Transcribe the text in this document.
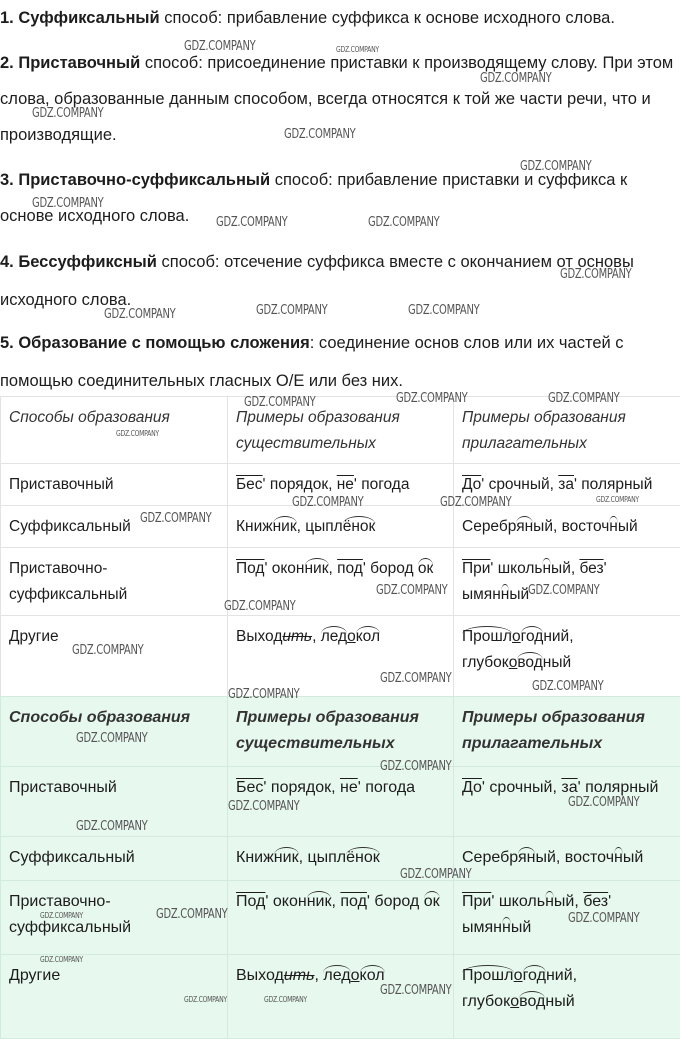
1. Суффиксальный способ: прибавление суффикса к основе исходного слова.

2. Приставочный способ: присоединение приставки к производящему слову. При этом слова, образованные данным способом, всегда относятся к той же части речи, что и производящие.

3. Приставочно-суффиксальный способ: прибавление приставки и суффикса к основе исходного слова.

4. Бессуффиксный способ: отсечение суффикса вместе с окончанием от основы исходного слова.

5. Образование с помощью сложения: соединение основ слов или их частей с помощью соединительных гласных О/Е или без них.

Способы образования	Примеры образования существительных	Примеры образования прилагательных
Приставочный	Бесʹ порядок, неʹ погода	Доʹ срочный, заʹ полярный
Суффиксальный	Книжник, цыплёнок	Серебряный, восточный
Приставочно-суффиксальный	Подʹ оконник, подʹ бород ок	Приʹ школьный, безʹ ымянный
Другие	Выходить, ледокол	Прошлогодний, глубоководный
Способы образования	Примеры образования существительных	Примеры образования прилагательных
Приставочный	Бесʹ порядок, неʹ погода	Доʹ срочный, заʹ полярный
Суффиксальный	Книжник, цыплёнок	Серебряный, восточный
Приставочно-суффиксальный	Подʹ оконник, подʹ бород ок	Приʹ школьный, безʹ ымянный
Другие	Выходить, ледокол	Прошлогодний, глубоководный
GDZ.COMPANY	GDZ.COMPANY
GDZ.COMPANY
GDZ.COMPANY
GDZ.COMPANY
GDZ.COMPANY
GDZ.COMPANY
GDZ.COMPANY	GDZ.COMPANY
GDZ.COMPANY
GDZ.COMPANY	GDZ.COMPANY	GDZ.COMPANY
GDZ.COMPANY	GDZ.COMPANY	GDZ.COMPANY
GDZ.COMPANY
GDZ.COMPANY	GDZ.COMPANY	GDZ.COMPANY
GDZ.COMPANY
GDZ.COMPANY	GDZ.COMPANY
GDZ.COMPANY
GDZ.COMPANY
GDZ.COMPANY
GDZ.COMPANY
GDZ.COMPANY
GDZ.COMPANY
GDZ.COMPANY
GDZ.COMPANY	GDZ.COMPANY
GDZ.COMPANY
GDZ.COMPANY
GDZ.COMPANY
GDZ.COMPANY	GDZ.COMPANY
GDZ.COMPANY
GDZ.COMPANY
GDZ.COMPANY	GDZ.COMPANY
